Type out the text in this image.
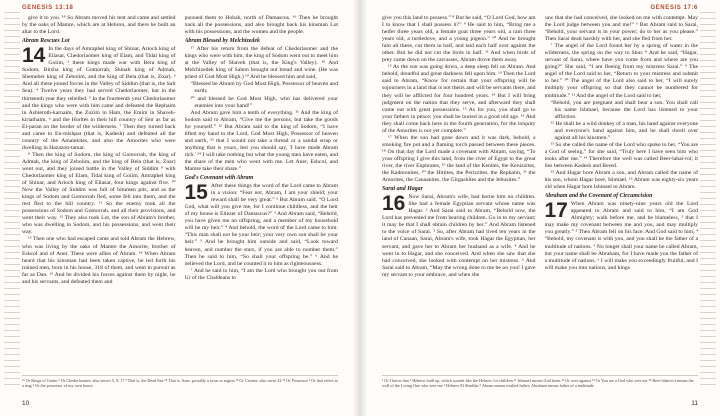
GENESIS 13:18

give it to you. ¹⁸ So Abram moved his tent and came and settled by the oaks of Mamre, which are at Hebron, and there he built an altar to the Lord.

Abram Rescues Lot

14 In the days of Amraphel king of Shinar, Arioch king of Ellasar, Chedorlaomer king of Elam, and Tidal king of Goiim, ² these kings made war with Bera king of Sodom, Birsha king of Gomorrah, Shinab king of Admah, Shemeber king of Zeboiim, and the king of Bela (that is, Zoar). ³ And all these joined forces in the Valley of Siddim (that is, the Salt Sea). ⁴ Twelve years they had served Chedorlaomer, but in the thirteenth year they rebelled. ⁵ In the fourteenth year Chedorlaomer and the kings who were with him came and defeated the Rephaim in Ashteroth-karnaim, the Zuzim in Ham, the Emim in Shaveh-kiriathaim, ⁶ and the Horites in their hill country of Seir as far as El-paran on the border of the wilderness. ⁷ Then they turned back and came to En-mishpat (that is, Kadesh) and defeated all the country of the Amalekites, and also the Amorites who were dwelling in Hazazon-tamar.

⁸ Then the king of Sodom, the king of Gomorrah, the king of Admah, the king of Zeboiim, and the king of Bela (that is, Zoar) went out, and they joined battle in the Valley of Siddim ⁹ with Chedorlaomer king of Elam, Tidal king of Goiim, Amraphel king of Shinar, and Arioch king of Ellasar, four kings against five. ¹⁰ Now the Valley of Siddim was full of bitumen pits, and as the kings of Sodom and Gomorrah fled, some fell into them, and the rest fled to the hill country. ¹¹ So the enemy took all the possessions of Sodom and Gomorrah, and all their provisions, and went their way. ¹² They also took Lot, the son of Abram's brother, who was dwelling in Sodom, and his possessions, and went their way.

¹³ Then one who had escaped came and told Abram the Hebrew, who was living by the oaks of Mamre the Amorite, brother of Eshcol and of Aner. These were allies of Abram. ¹⁴ When Abram heard that his kinsman had been taken captive, he led forth his trained men, born in his house, 318 of them, and went in pursuit as far as Dan. ¹⁵ And he divided his forces against them by night, he and his servants, and defeated them and

pursued them to Hobah, north of Damascus. ¹⁶ Then he brought back all the possessions, and also brought back his kinsman Lot with his possessions, and the women and the people.

Abram Blessed by Melchizedek

¹⁷ After his return from the defeat of Chedorlaomer and the kings who were with him, the king of Sodom went out to meet him at the Valley of Shaveh (that is, the King's Valley). ¹⁸ And Melchizedek king of Salem brought out bread and wine. (He was priest of God Most High.) ¹⁹ And he blessed him and said,

“Blessed be Abram by God Most High, Possessor of heaven and earth;

²⁰ and blessed be God Most High, who has delivered your enemies into your hand!”

And Abram gave him a tenth of everything. ²¹ And the king of Sodom said to Abram, “Give me the persons, but take the goods for yourself.” ²² But Abram said to the king of Sodom, “I have lifted my hand to the Lord, God Most High, Possessor of heaven and earth, ²³ that I would not take a thread or a sandal strap or anything that is yours, lest you should say, 'I have made Abram rich.' ²⁴ I will take nothing but what the young men have eaten, and the share of the men who went with me. Let Aner, Eshcol, and Mamre take their share.”

God's Covenant with Abram

15 After these things the word of the Lord came to Abram in a vision: “Fear not, Abram, I am your shield; your reward shall be very great.” ² But Abram said, “O Lord God, what will you give me, for I continue childless, and the heir of my house is Eliezer of Damascus?” ³ And Abram said, “Behold, you have given me no offspring, and a member of my household will be my heir.” ⁴ And behold, the word of the Lord came to him: “This man shall not be your heir; your very own son shall be your heir.” ⁵ And he brought him outside and said, “Look toward heaven, and number the stars, if you are able to number them.” Then he said to him, “So shall your offspring be.” ⁶ And he believed the Lord, and he counted it to him as righteousness.

⁷ And he said to him, “I am the Lord who brought you out from Ur of the Chaldeans to

¹⁵ Or Kings of Goiim ² Or Chedorlaomer; also verses 5, 9, 17 ³ That is, the Dead Sea ¹⁸ That is, Aner; possibly a town or region ¹⁹ Or Creator; also verse 22 ²² Or Possessor ¹ Or that refers to a ring ² Or the possessor of my own house
10
GENESIS 17:6

give you this land to possess.” ⁸ But he said, “O Lord God, how am I to know that I shall possess it?” ⁹ He said to him, “Bring me a heifer three years old, a female goat three years old, a ram three years old, a turtledove, and a young pigeon.” ¹⁰ And he brought him all these, cut them in half, and laid each half over against the other. But he did not cut the birds in half. ¹¹ And when birds of prey came down on the carcasses, Abram drove them away.

¹² As the sun was going down, a deep sleep fell on Abram. And behold, dreadful and great darkness fell upon him. ¹³ Then the Lord said to Abram, “Know for certain that your offspring will be sojourners in a land that is not theirs and will be servants there, and they will be afflicted for four hundred years. ¹⁴ But I will bring judgment on the nation that they serve, and afterward they shall come out with great possessions. ¹⁵ As for you, you shall go to your fathers in peace; you shall be buried in a good old age. ¹⁶ And they shall come back here in the fourth generation, for the iniquity of the Amorites is not yet complete.”

¹⁷ When the sun had gone down and it was dark, behold, a smoking fire pot and a flaming torch passed between these pieces. ¹⁸ On that day the Lord made a covenant with Abram, saying, “To your offspring I give this land, from the river of Egypt to the great river, the river Euphrates, ¹⁹ the land of the Kenites, the Kenizzites, the Kadmonites, ²⁰ the Hittites, the Perizzites, the Rephaim, ²¹ the Amorites, the Canaanites, the Girgashites and the Jebusites.”

Sarai and Hagar

16 Now Sarai, Abram's wife, had borne him no children. She had a female Egyptian servant whose name was Hagar. ² And Sarai said to Abram, “Behold now, the Lord has prevented me from bearing children. Go in to my servant; it may be that I shall obtain children by her.” And Abram listened to the voice of Sarai. ³ So, after Abram had lived ten years in the land of Canaan, Sarai, Abram's wife, took Hagar the Egyptian, her servant, and gave her to Abram her husband as a wife. ⁴ And he went in to Hagar, and she conceived. And when she saw that she had conceived, she looked with contempt on her mistress. ⁵ And Sarai said to Abram, “May the wrong done to me be on you! I gave my servant to your embrace, and when she

saw that she had conceived, she looked on me with contempt. May the Lord judge between you and me!” ⁶ But Abram said to Sarai, “Behold, your servant is in your power; do to her as you please.” Then Sarai dealt harshly with her, and she fled from her.

⁷ The angel of the Lord found her by a spring of water in the wilderness, the spring on the way to Shur. ⁸ And he said, “Hagar, servant of Sarai, where have you come from and where are you going?” She said, “I am fleeing from my mistress Sarai.” ⁹ The angel of the Lord said to her, “Return to your mistress and submit to her.” ¹⁰ The angel of the Lord also said to her, “I will surely multiply your offspring so that they cannot be numbered for multitude.” ¹¹ And the angel of the Lord said to her,

“Behold, you are pregnant and shall bear a son. You shall call his name Ishmael, because the Lord has listened to your affliction.

¹² He shall be a wild donkey of a man, his hand against everyone and everyone's hand against him, and he shall dwell over against all his kinsmen.”

¹³ So she called the name of the Lord who spoke to her, “You are a God of seeing,” for she said, “Truly here I have seen him who looks after me.” ¹⁴ Therefore the well was called Beer-lahai-roi; it lies between Kadesh and Bered.

¹⁵ And Hagar bore Abram a son, and Abram called the name of his son, whom Hagar bore, Ishmael. ¹⁶ Abram was eighty-six years old when Hagar bore Ishmael to Abram.

Abraham and the Covenant of Circumcision

17 When Abram was ninety-nine years old the Lord appeared to Abram and said to him, “I am God Almighty; walk before me, and be blameless, ² that I may make my covenant between me and you, and may multiply you greatly.” ³ Then Abram fell on his face. And God said to him, ⁴ “Behold, my covenant is with you, and you shall be the father of a multitude of nations. ⁵ No longer shall your name be called Abram, but your name shall be Abraham, for I have made you the father of a multitude of nations. ⁶ I will make you exceedingly fruitful, and I will make you into nations, and kings

¹ Or I know that ² Hebrew built up, which sounds like the Hebrew for children ¹¹ Ishmael means God hears ¹² Or over against ¹³ Or You are a God who sees me ¹⁴ Beer-lahai-roi means the well of the Living One who sees me ¹ Hebrew El Shaddai ⁵ Abram means exalted father; Abraham means father of a multitude
11
